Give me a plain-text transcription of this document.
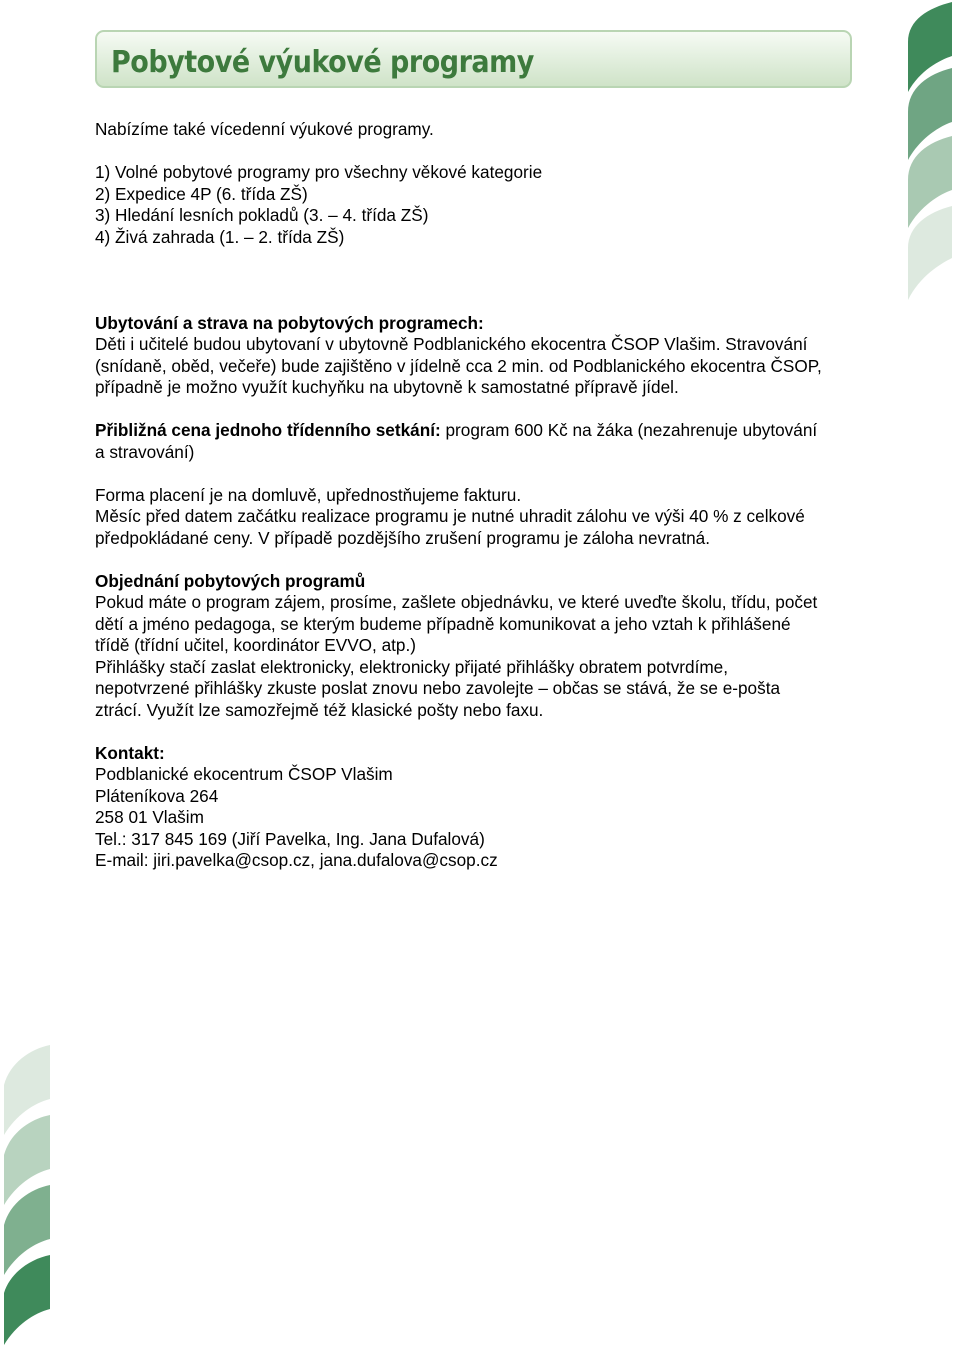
Pobytové výukové programy

Nabízíme také vícedenní výukové programy.

1) Volné pobytové programy pro všechny věkové kategorie

2) Expedice 4P (6. třída ZŠ)

3) Hledání lesních pokladů (3. – 4. třída ZŠ)

4) Živá zahrada (1. – 2. třída ZŠ)

Ubytování a strava na pobytových programech:

Děti i učitelé budou ubytovaní v ubytovně Podblanického ekocentra ČSOP Vlašim. Stravování

(snídaně, oběd, večeře) bude zajištěno v jídelně cca 2 min. od Podblanického ekocentra ČSOP,

případně je možno využít kuchyňku na ubytovně k samostatné přípravě jídel.

Přibližná cena jednoho třídenního setkání: program 600 Kč na žáka (nezahrenuje ubytování

a stravování)

Forma placení je na domluvě, upřednostňujeme fakturu.

Měsíc před datem začátku realizace programu je nutné uhradit zálohu ve výši 40 % z celkové

předpokládané ceny. V případě pozdějšího zrušení programu je záloha nevratná.

Objednání pobytových programů

Pokud máte o program zájem, prosíme, zašlete objednávku, ve které uveďte školu, třídu, počet

dětí a jméno pedagoga, se kterým budeme případně komunikovat a jeho vztah k přihlášené

třídě (třídní učitel, koordinátor EVVO, atp.)

Přihlášky stačí zaslat elektronicky, elektronicky přijaté přihlášky obratem potvrdíme,

nepotvrzené přihlášky zkuste poslat znovu nebo zavolejte – občas se stává, že se e-pošta

ztrácí. Využít lze samozřejmě též klasické pošty nebo faxu.

Kontakt:

Podblanické ekocentrum ČSOP Vlašim

Pláteníkova 264

258 01 Vlašim

Tel.: 317 845 169 (Jiří Pavelka, Ing. Jana Dufalová)

E-mail: jiri.pavelka@csop.cz, jana.dufalova@csop.cz
